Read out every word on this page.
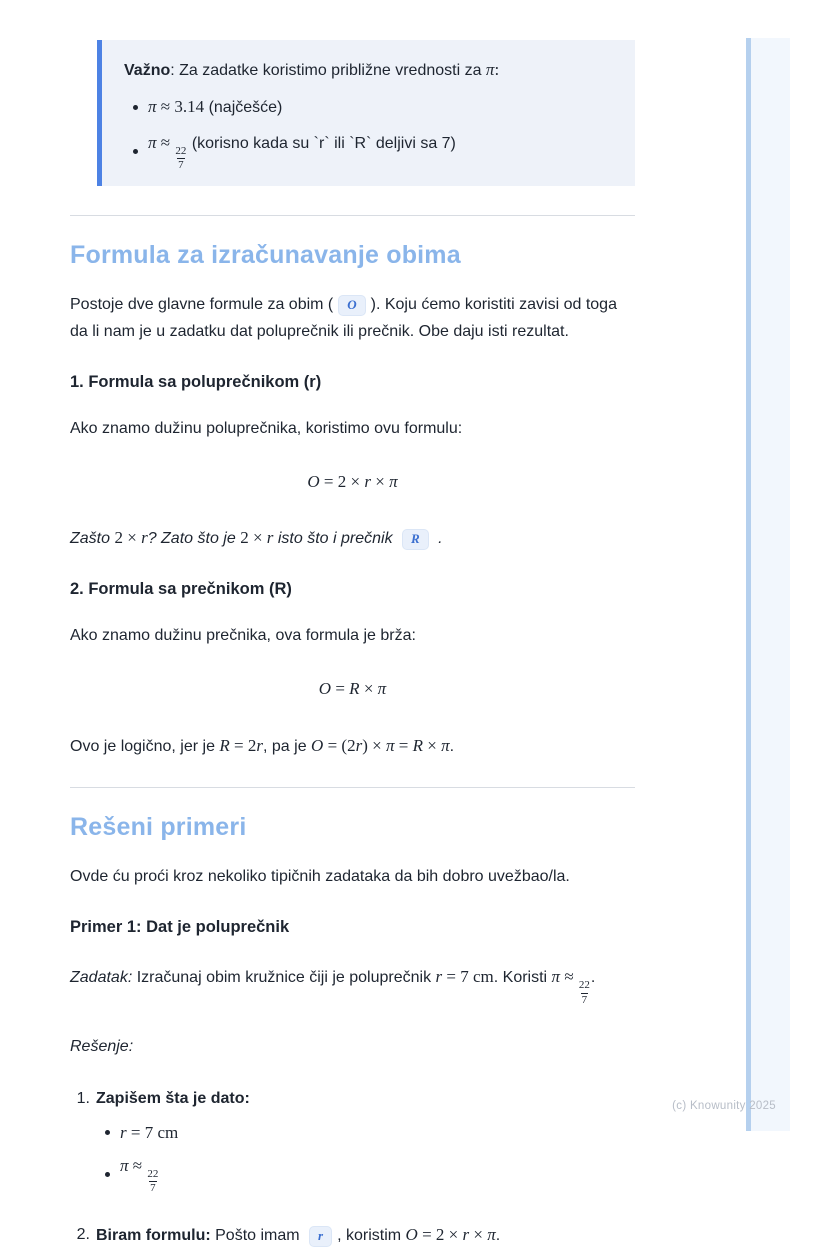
Važno: Za zadatke koristimo približne vrednosti za π:
π ≈ 3.14 (najčešće)
π ≈
$\frac{22}{7}$
(korisno kada su `r` ili `R` deljivi sa 7)
Formula za izračunavanje obima

Postoje dve glavne formule za obim ( O ). Koju ćemo koristiti zavisi od toga da li nam je u zadatku dat poluprečnik ili prečnik. Obe daju isti rezultat.

1. Formula sa poluprečnikom (r)

Ako znamo dužinu poluprečnika, koristimo ovu formulu:

O = 2 × r × π

Zašto 2 × r? Zato što je 2 × r isto što i prečnik R .

2. Formula sa prečnikom (R)

Ako znamo dužinu prečnika, ova formula je brža:

O = R × π

Ovo je logično, jer je R = 2r, pa je O = (2r) × π = R × π.

Rešeni primeri

Ovde ću proći kroz nekoliko tipičnih zadataka da bih dobro uvežbao/la.

Primer 1: Dat je poluprečnik

Zadatak: Izračunaj obim kružnice čiji je poluprečnik r = 7 cm. Koristi π ≈
$\frac{22}{7}$
.

Rešenje:

1. Zapišem šta je dato:
r = 7 cm
π ≈
$\frac{22}{7}$
2. Biram formulu: Pošto imam r , koristim O = 2 × r × π.
(c) Knowunity 2025
